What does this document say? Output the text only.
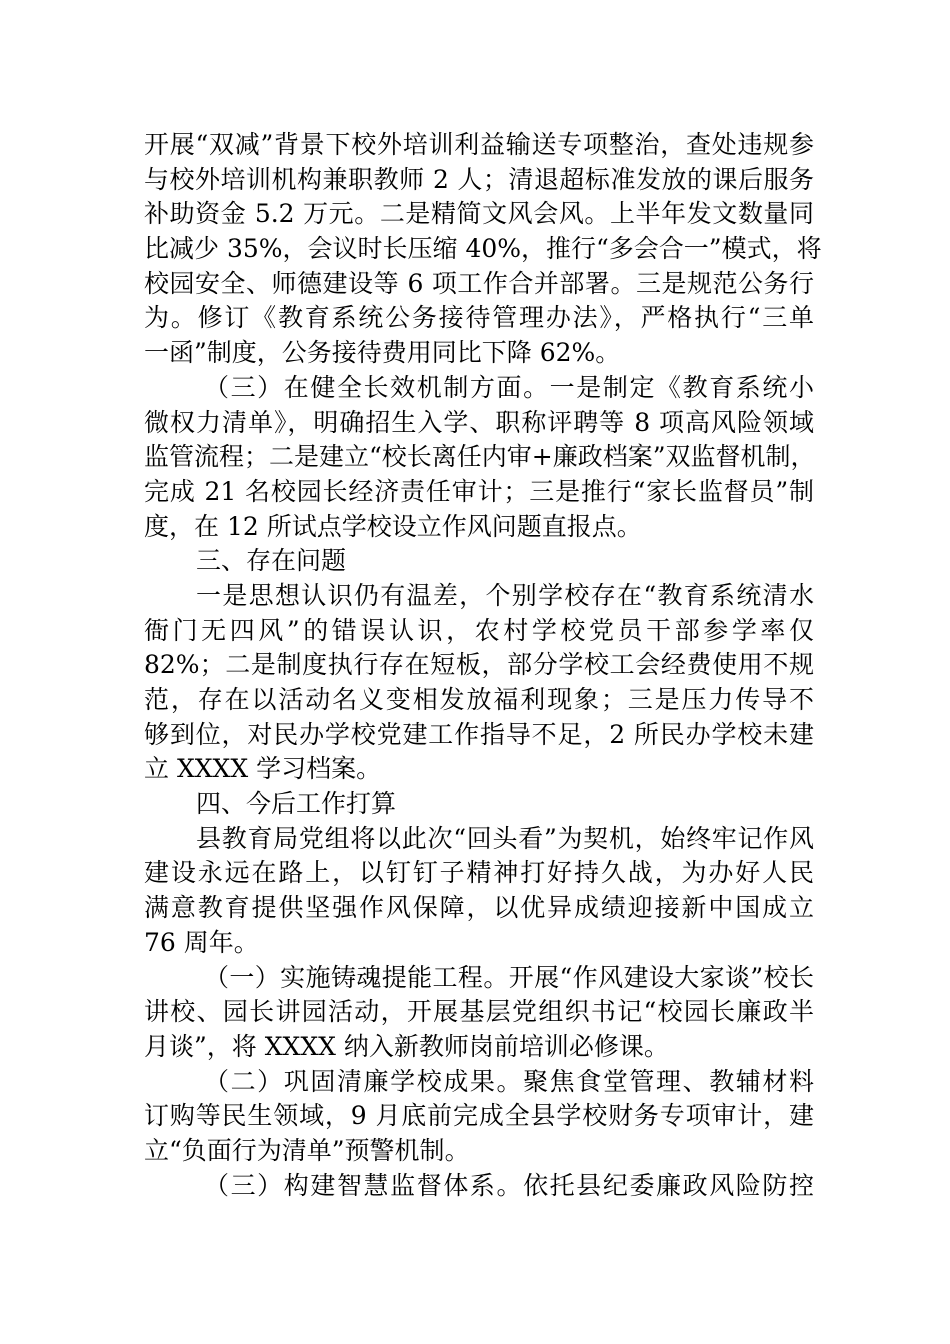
开展“双减”背景下校外培训利益输送专项整治，查处违规参
与校外培训机构兼职教师 2 人；清退超标准发放的课后服务
补助资金 5.2 万元。二是精简文风会风。上半年发文数量同
比减少 35%，会议时长压缩 40%，推行“多会合一”模式，将
校园安全、师德建设等 6 项工作合并部署。三是规范公务行
为。修订《教育系统公务接待管理办法》，严格执行“三单
一函”制度，公务接待费用同比下降 62%。
（三）在健全长效机制方面。一是制定《教育系统小
微权力清单》，明确招生入学、职称评聘等 8 项高风险领域
监管流程；二是建立“校长离任内审+廉政档案”双监督机制，
完成 21 名校园长经济责任审计；三是推行“家长监督员”制
度，在 12 所试点学校设立作风问题直报点。
三、存在问题
一是思想认识仍有温差，个别学校存在“教育系统清水
衙门无四风”的错误认识，农村学校党员干部参学率仅
82%；二是制度执行存在短板，部分学校工会经费使用不规
范，存在以活动名义变相发放福利现象；三是压力传导不
够到位，对民办学校党建工作指导不足，2 所民办学校未建
立 XXXX 学习档案。
四、今后工作打算
县教育局党组将以此次“回头看”为契机，始终牢记作风
建设永远在路上，以钉钉子精神打好持久战，为办好人民
满意教育提供坚强作风保障，以优异成绩迎接新中国成立
76 周年。
（一）实施铸魂提能工程。开展“作风建设大家谈”校长
讲校、园长讲园活动，开展基层党组织书记“校园长廉政半
月谈”，将 XXXX 纳入新教师岗前培训必修课。
（二）巩固清廉学校成果。聚焦食堂管理、教辅材料
订购等民生领域，9 月底前完成全县学校财务专项审计，建
立“负面行为清单”预警机制。
（三）构建智慧监督体系。依托县纪委廉政风险防控
